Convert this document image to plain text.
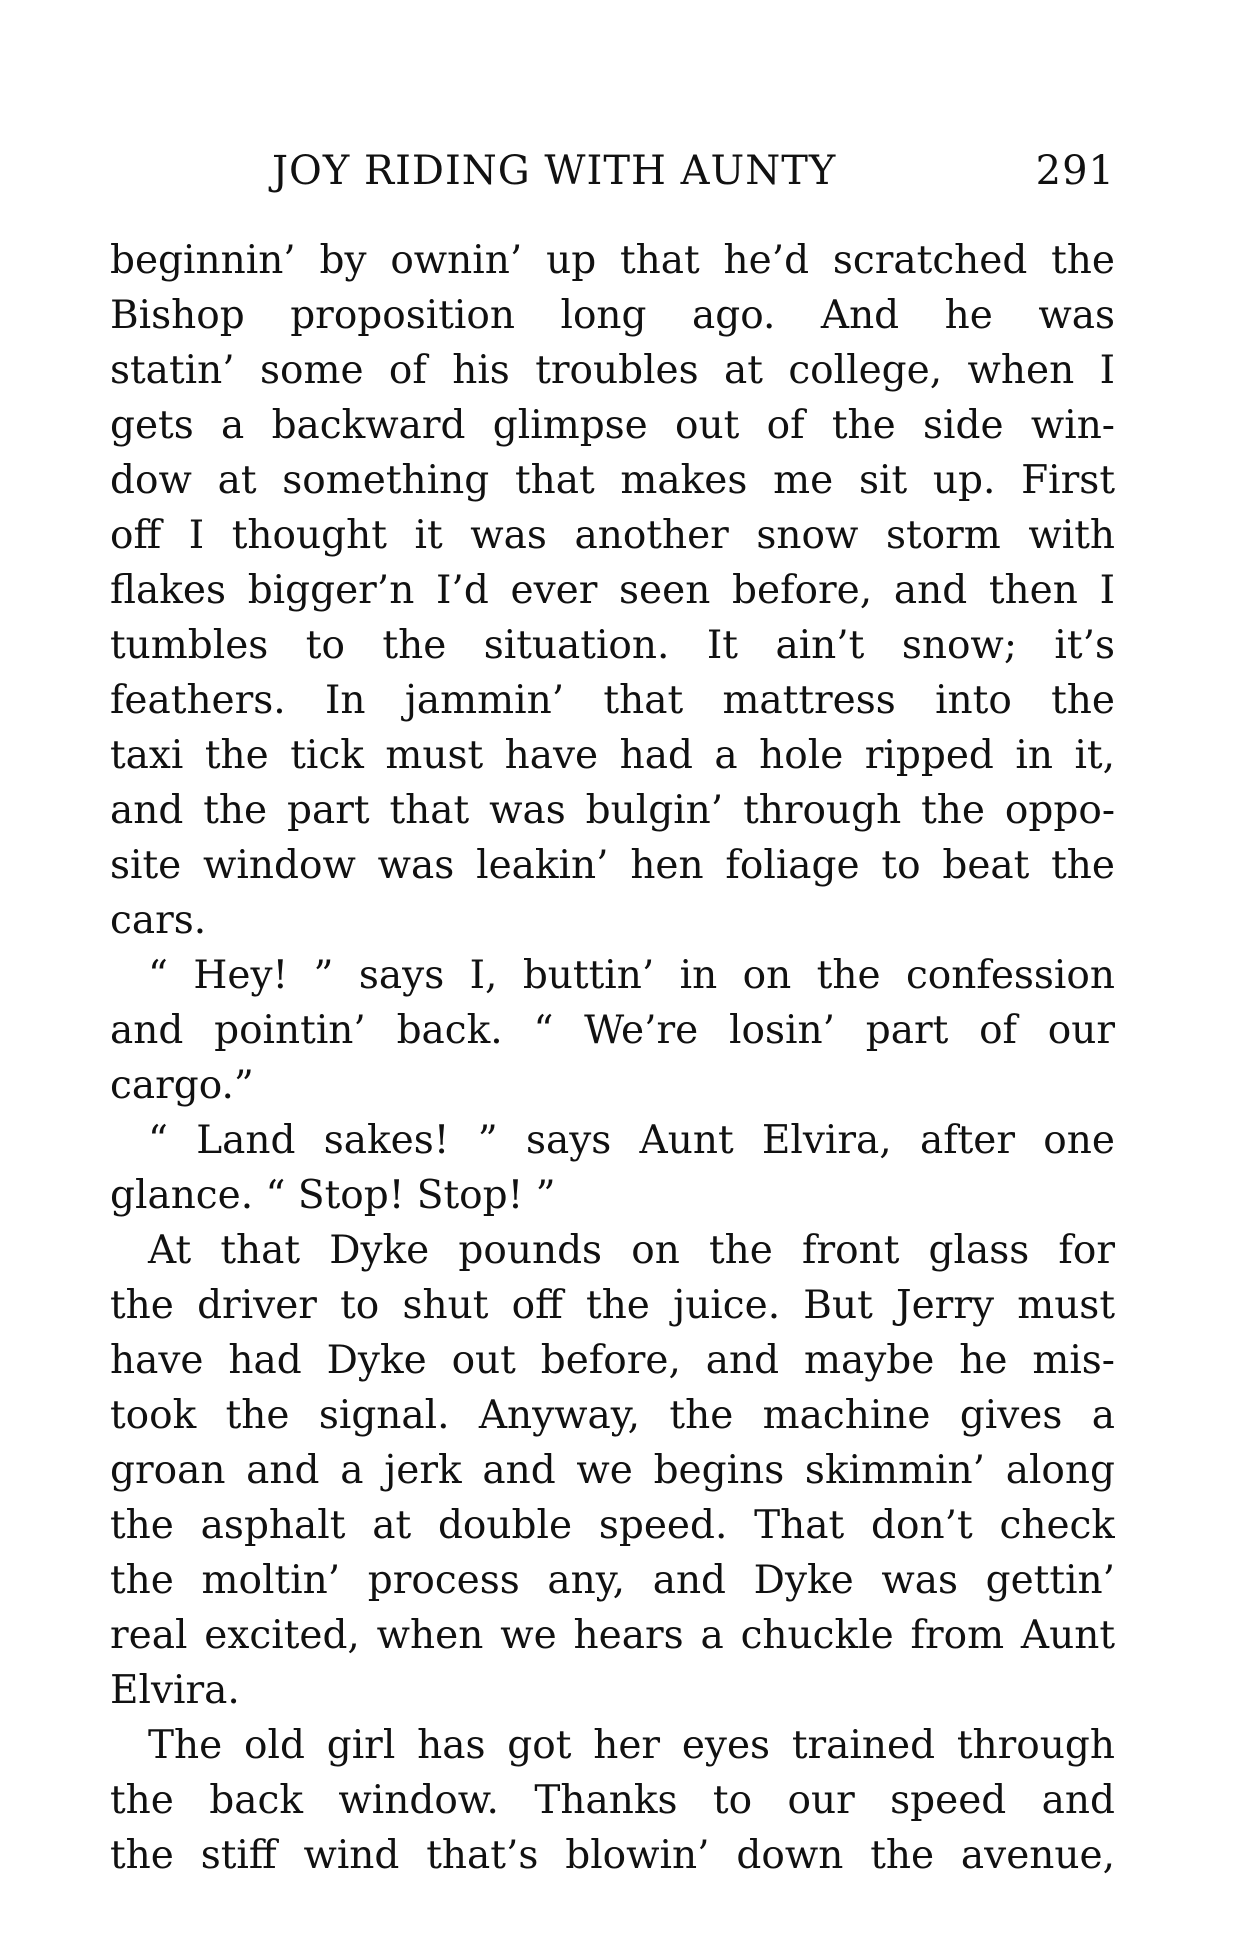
JOY RIDING WITH AUNTY	291
beginnin’ by ownin’ up that he’d scratched the
Bishop proposition long ago. And he was
statin’ some of his troubles at college, when I
gets a backward glimpse out of the side win-
dow at something that makes me sit up. First
off I thought it was another snow storm with
flakes bigger’n I’d ever seen before, and then I
tumbles to the situation. It ain’t snow; it’s
feathers. In jammin’ that mattress into the
taxi the tick must have had a hole ripped in it,
and the part that was bulgin’ through the oppo-
site window was leakin’ hen foliage to beat the
cars.
“ Hey! ” says I, buttin’ in on the confession
and pointin’ back. “ We’re losin’ part of our
cargo.”
“ Land sakes! ” says Aunt Elvira, after one
glance. “ Stop! Stop! ”
At that Dyke pounds on the front glass for
the driver to shut off the juice. But Jerry must
have had Dyke out before, and maybe he mis-
took the signal. Anyway, the machine gives a
groan and a jerk and we begins skimmin’ along
the asphalt at double speed. That don’t check
the moltin’ process any, and Dyke was gettin’
real excited, when we hears a chuckle from Aunt
Elvira.
The old girl has got her eyes trained through
the back window. Thanks to our speed and
the stiff wind that’s blowin’ down the avenue,
